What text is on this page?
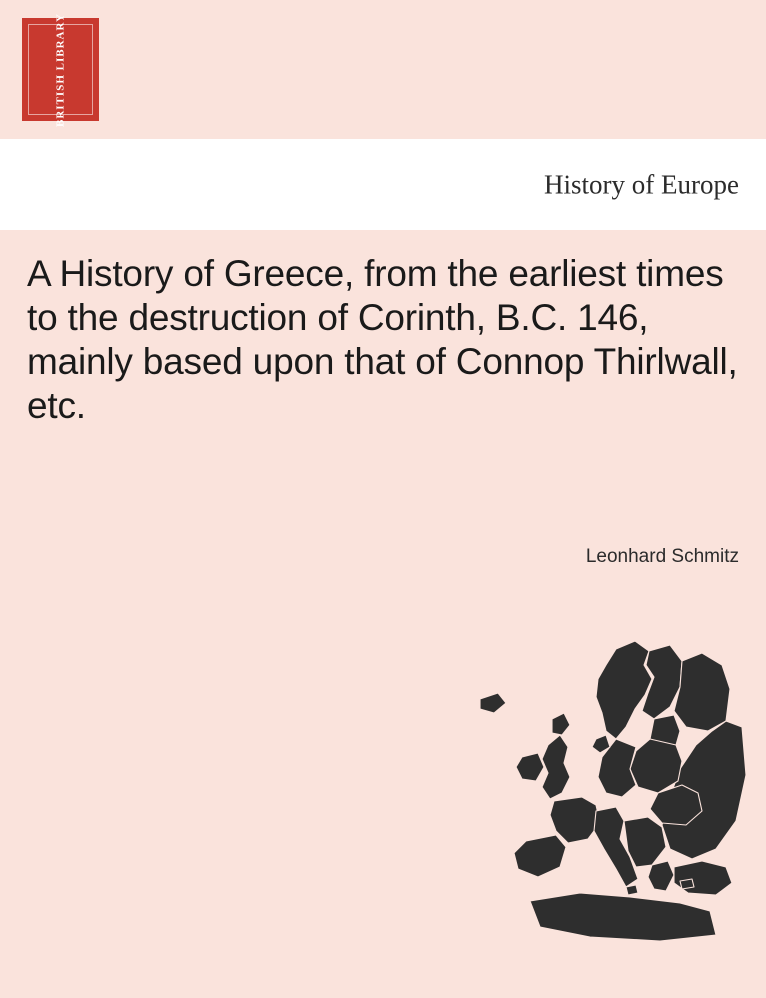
BRITISH LIBRARY
History of Europe
A History of Greece, from the earliest times to the destruction of Corinth, B.C. 146, mainly based upon that of Connop Thirlwall, etc.
Leonhard Schmitz
